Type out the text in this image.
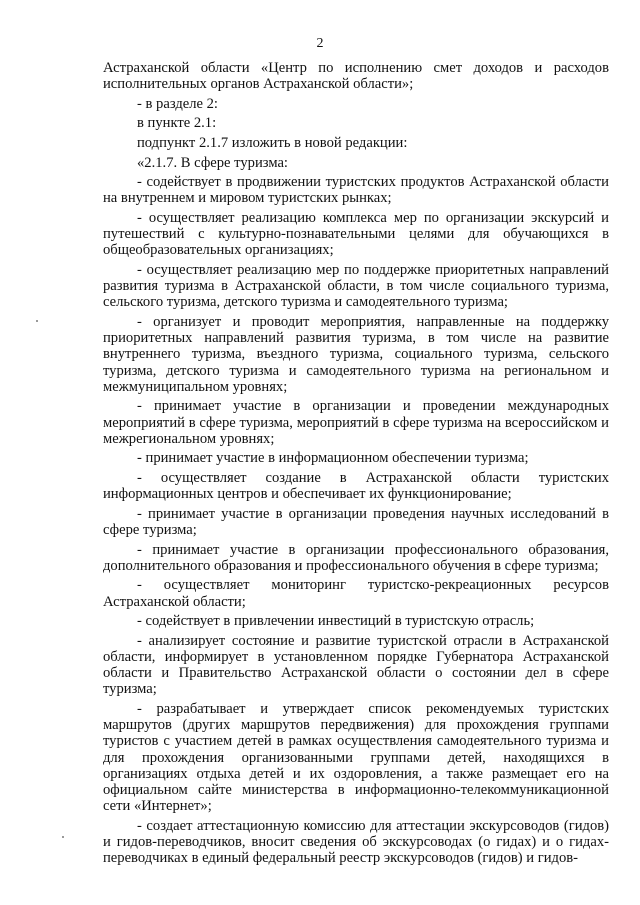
2

Астраханской области «Центр по исполнению смет доходов и расходов исполнительных органов Астраханской области»;

- в разделе 2:

в пункте 2.1:

подпункт 2.1.7 изложить в новой редакции:

«2.1.7. В сфере туризма:

- содействует в продвижении туристских продуктов Астраханской области на внутреннем и мировом туристских рынках;

- осуществляет реализацию комплекса мер по организации экскурсий и путешествий с культурно-познавательными целями для обучающихся в общеобразовательных организациях;

- осуществляет реализацию мер по поддержке приоритетных направлений развития туризма в Астраханской области, в том числе социального туризма, сельского туризма, детского туризма и самодеятельного туризма;

- организует и проводит мероприятия, направленные на поддержку приоритетных направлений развития туризма, в том числе на развитие внутреннего туризма, въездного туризма, социального туризма, сельского туризма, детского туризма и самодеятельного туризма на региональном и межмуниципальном уровнях;

- принимает участие в организации и проведении международных мероприятий в сфере туризма, мероприятий в сфере туризма на всероссийском и межрегиональном уровнях;

- принимает участие в информационном обеспечении туризма;

- осуществляет создание в Астраханской области туристских информационных центров и обеспечивает их функционирование;

- принимает участие в организации проведения научных исследований в сфере туризма;

- принимает участие в организации профессионального образования, дополнительного образования и профессионального обучения в сфере туризма;

- осуществляет мониторинг туристско-рекреационных ресурсов Астраханской области;

- содействует в привлечении инвестиций в туристскую отрасль;

- анализирует состояние и развитие туристской отрасли в Астраханской области, информирует в установленном порядке Губернатора Астраханской области и Правительство Астраханской области о состоянии дел в сфере туризма;

- разрабатывает и утверждает список рекомендуемых туристских маршрутов (других маршрутов передвижения) для прохождения группами туристов с участием детей в рамках осуществления самодеятельного туризма и для прохождения организованными группами детей, находящихся в организациях отдыха детей и их оздоровления, а также размещает его на официальном сайте министерства в информационно-телекоммуникационной сети «Интернет»;

- создает аттестационную комиссию для аттестации экскурсоводов (гидов) и гидов-переводчиков, вносит сведения об экскурсоводах (о гидах) и о гидах-переводчиках в единый федеральный реестр экскурсоводов (гидов) и гидов-
